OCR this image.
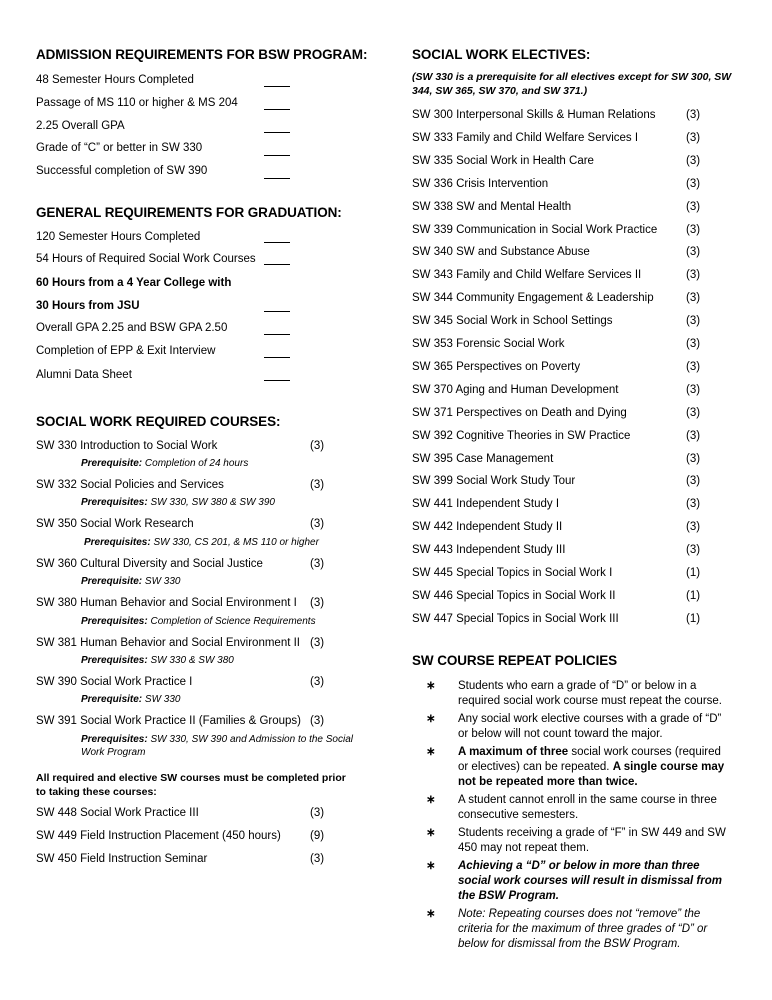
ADMISSION REQUIREMENTS FOR BSW PROGRAM:
48 Semester Hours Completed
Passage of MS 110 or higher & MS 204
2.25 Overall GPA
Grade of “C” or better in SW 330
Successful completion of SW 390
GENERAL REQUIREMENTS FOR GRADUATION:
120 Semester Hours Completed
54 Hours of Required Social Work Courses
60 Hours from a 4 Year College with
30 Hours from JSU
Overall GPA 2.25 and BSW GPA 2.50
Completion of EPP & Exit Interview
Alumni Data Sheet
SOCIAL WORK REQUIRED COURSES:
SW 330 Introduction to Social Work	(3)
Prerequisite: Completion of 24 hours
SW 332 Social Policies and Services	(3)
Prerequisites: SW 330, SW 380 & SW 390
SW 350 Social Work Research	(3)
Prerequisites: SW 330, CS 201, & MS 110 or higher
SW 360 Cultural Diversity and Social Justice	(3)
Prerequisite: SW 330
SW 380 Human Behavior and Social Environment I (3)
Prerequisites: Completion of Science Requirements
SW 381 Human Behavior and Social Environment II (3)
Prerequisites: SW 330 & SW 380
SW 390 Social Work Practice I	(3)
Prerequisite: SW 330
SW 391 Social Work Practice II (Families & Groups) (3)
Prerequisites: SW 330, SW 390 and Admission to the Social Work Program
All required and elective SW courses must be completed prior to taking these courses:
SW 448 Social Work Practice III	(3)
SW 449 Field Instruction Placement (450 hours)	(9)
SW 450 Field Instruction Seminar	(3)
SOCIAL WORK ELECTIVES:
(SW 330 is a prerequisite for all electives except for SW 300, SW 344, SW 365, SW 370, and SW 371.)
SW 300 Interpersonal Skills & Human Relations	(3)
SW 333 Family and Child Welfare Services I	(3)
SW 335 Social Work in Health Care	(3)
SW 336 Crisis Intervention	(3)
SW 338 SW and Mental Health	(3)
SW 339 Communication in Social Work Practice	(3)
SW 340 SW and Substance Abuse	(3)
SW 343 Family and Child Welfare Services II	(3)
SW 344 Community Engagement & Leadership	(3)
SW 345 Social Work in School Settings	(3)
SW 353 Forensic Social Work	(3)
SW 365 Perspectives on Poverty	(3)
SW 370 Aging and Human Development	(3)
SW 371 Perspectives on Death and Dying	(3)
SW 392 Cognitive Theories in SW Practice	(3)
SW 395 Case Management	(3)
SW 399 Social Work Study Tour	(3)
SW 441 Independent Study I	(3)
SW 442 Independent Study II	(3)
SW 443 Independent Study III	(3)
SW 445 Special Topics in Social Work I	(1)
SW 446 Special Topics in Social Work II	(1)
SW 447 Special Topics in Social Work III	(1)
SW COURSE REPEAT POLICIES
∗ Students who earn a grade of “D” or below in a required social work course must repeat the course.
∗ Any social work elective courses with a grade of “D” or below will not count toward the major.
∗ A maximum of three social work courses (required or electives) can be repeated. A single course may not be repeated more than twice.
∗ A student cannot enroll in the same course in three consecutive semesters.
∗ Students receiving a grade of “F” in SW 449 and SW 450 may not repeat them.
∗ Achieving a “D” or below in more than three social work courses will result in dismissal from the BSW Program.
∗ Note: Repeating courses does not “remove” the criteria for the maximum of three grades of “D” or below for dismissal from the BSW Program.
